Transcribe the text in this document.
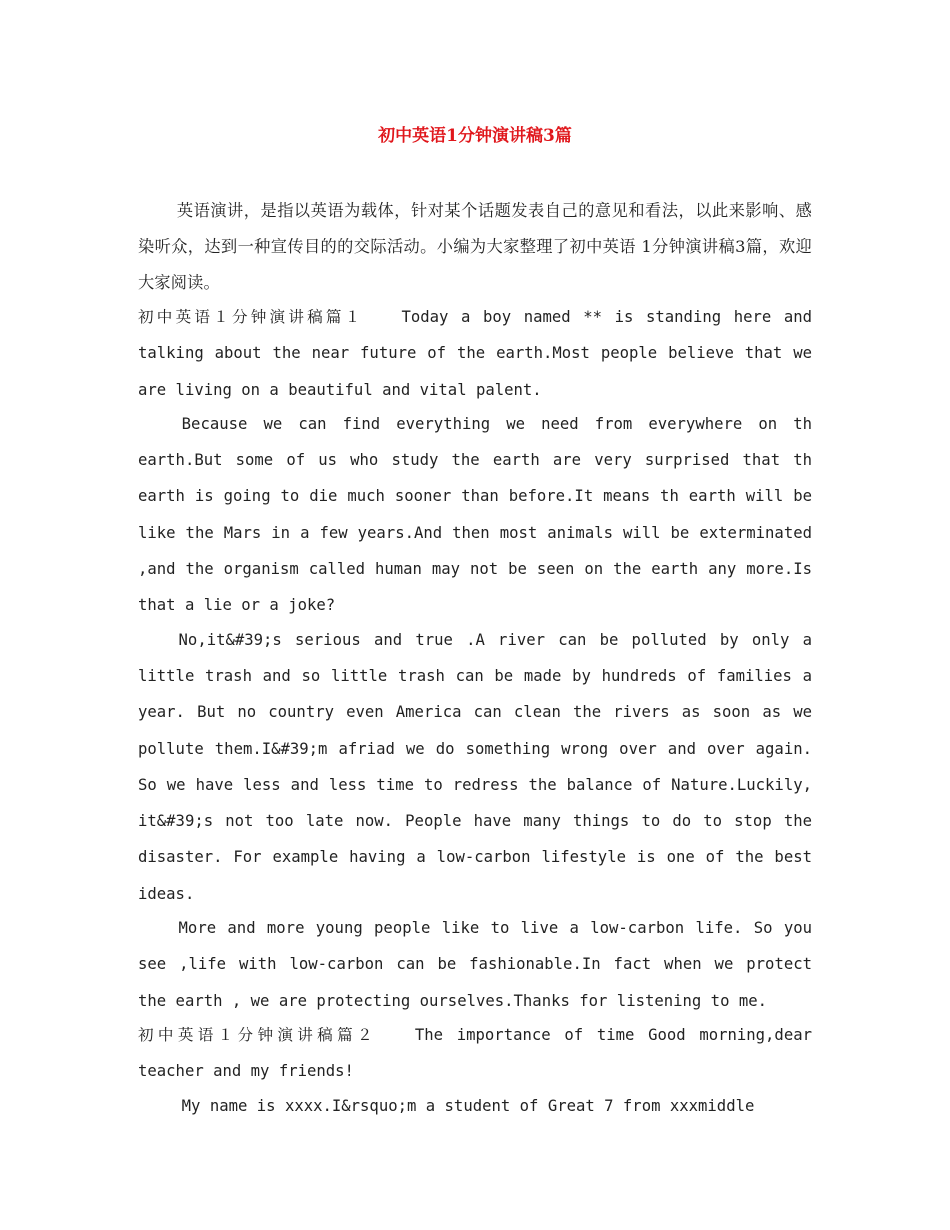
初中英语1分钟演讲稿3篇

英语演讲，是指以英语为载体，针对某个话题发表自己的意见和看法，以此来影响、感染听众，达到一种宣传目的的交际活动。小编为大家整理了初中英语 1分钟演讲稿3篇，欢迎大家阅读。

初中英语１分钟演讲稿篇１ Today a boy named ** is standing here and talking about the near future of the earth.Most people believe that we are living on a beautiful and vital palent.

Because we can find everything we need from everywhere on th earth.But some of us who study the earth are very surprised that th earth is going to die much sooner than before.It means th earth will be like the Mars in a few years.And then most animals will be exterminated ,and the organism called human may not be seen on the earth any more.Is that a lie or a joke?

No,it&#39;s serious and true .A river can be polluted by only a little trash and so little trash can be made by hundreds of families a year. But no country even America can clean the rivers as soon as we pollute them.I&#39;m afriad we do something wrong over and over again. So we have less and less time to redress the balance of Nature.Luckily, it&#39;s not too late now. People have many things to do to stop the disaster. For example having a low-carbon lifestyle is one of the best ideas.

More and more young people like to live a low-carbon life. So you see ,life with low-carbon can be fashionable.In fact when we protect the earth , we are protecting ourselves.Thanks for listening to me.

初中英语１分钟演讲稿篇２ The importance of time Good morning,dear teacher and my friends!

My name is xxxx.I&rsquo;m a student of Great 7 from xxxmiddle
